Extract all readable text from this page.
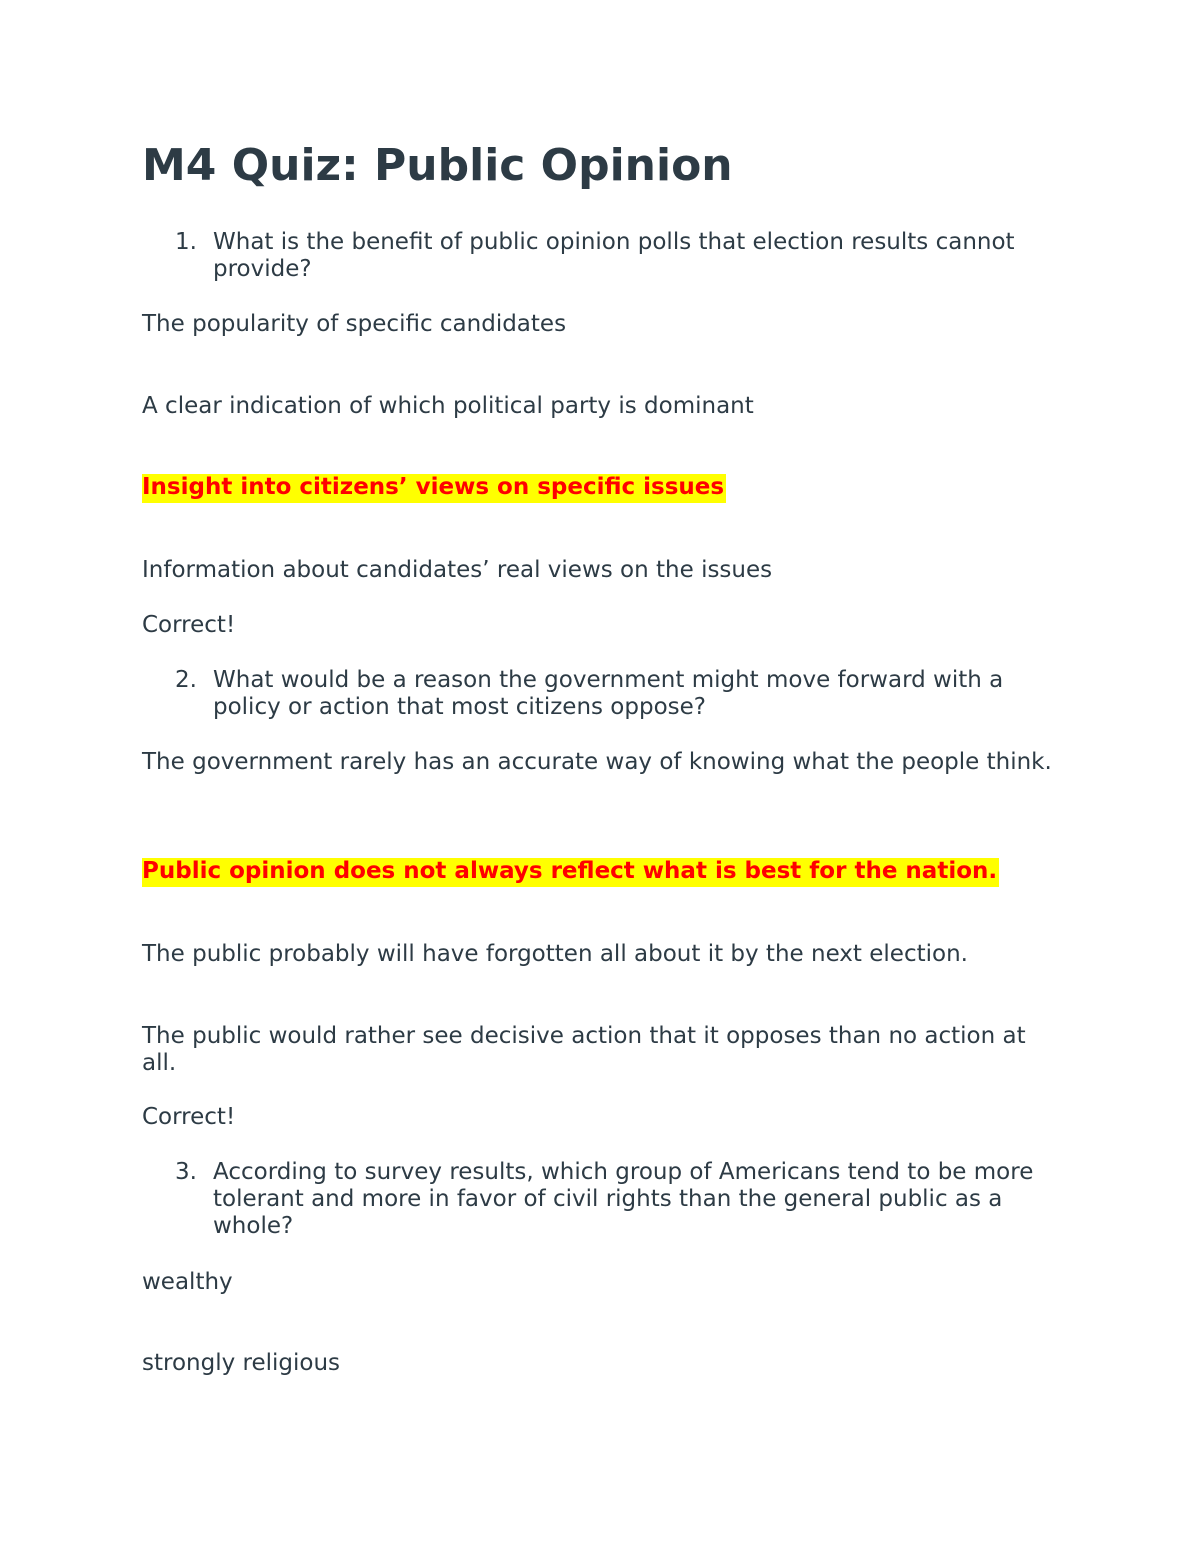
M4 Quiz: Public Opinion
1. What is the benefit of public opinion polls that election results cannot provide?
The popularity of specific candidates
A clear indication of which political party is dominant
Insight into citizens’ views on specific issues
Information about candidates’ real views on the issues
Correct!
2. What would be a reason the government might move forward with a policy or action that most citizens oppose?
The government rarely has an accurate way of knowing what the people think.
Public opinion does not always reflect what is best for the nation.
The public probably will have forgotten all about it by the next election.
The public would rather see decisive action that it opposes than no action at all.
Correct!
3. According to survey results, which group of Americans tend to be more tolerant and more in favor of civil rights than the general public as a whole?
wealthy
strongly religious
